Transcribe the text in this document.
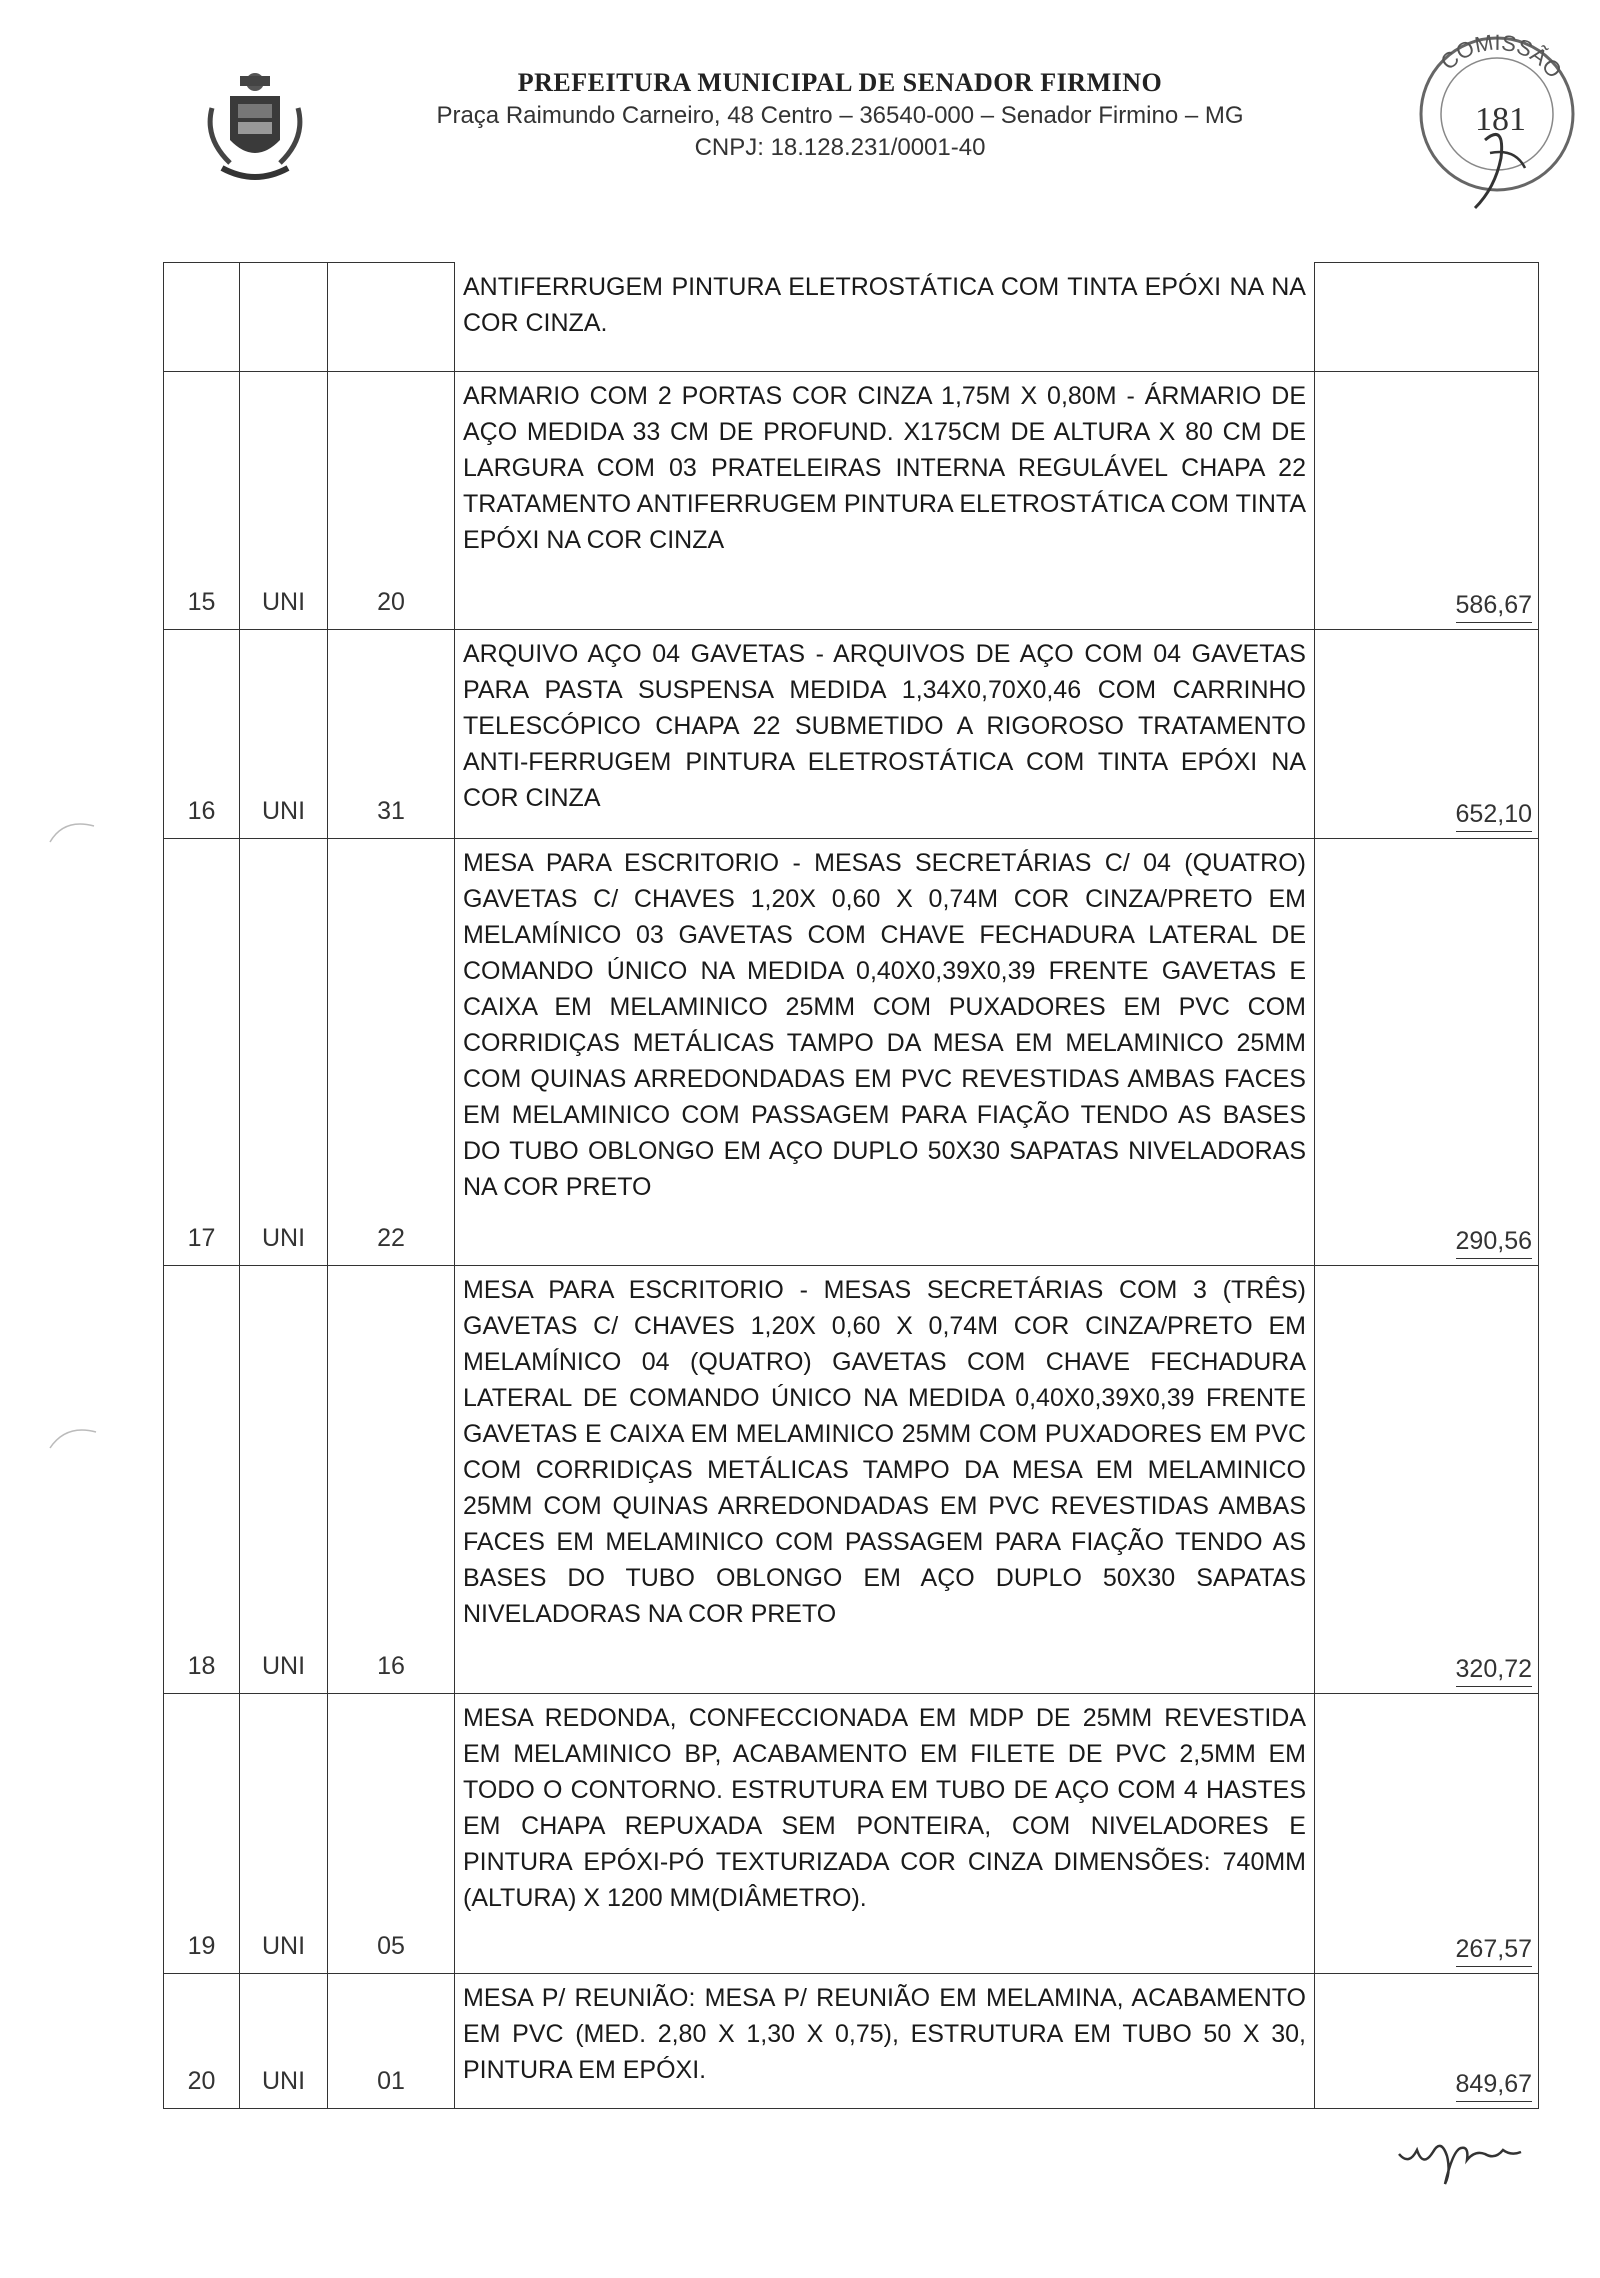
PREFEITURA MUNICIPAL DE SENADOR FIRMINO
Praça Raimundo Carneiro, 48 Centro – 36540-000 – Senador Firmino – MG
CNPJ: 18.128.231/0001-40
COMISSÃO
181

			ANTIFERRUGEM PINTURA ELETROSTÁTICA COM TINTA EPÓXI NA NA COR CINZA.	

15	UNI	20	ARMARIO COM 2 PORTAS COR CINZA 1,75M X 0,80M - ÁRMARIO DE AÇO MEDIDA 33 CM DE PROFUND. X175CM DE ALTURA X 80 CM DE LARGURA COM 03 PRATELEIRAS INTERNA REGULÁVEL CHAPA 22 TRATAMENTO ANTIFERRUGEM PINTURA ELETROSTÁTICA COM TINTA EPÓXI NA COR CINZA	586,67
16	UNI	31	ARQUIVO AÇO 04 GAVETAS - ARQUIVOS DE AÇO COM 04 GAVETAS PARA PASTA SUSPENSA MEDIDA 1,34X0,70X0,46 COM CARRINHO TELESCÓPICO CHAPA 22 SUBMETIDO A RIGOROSO TRATAMENTO ANTI-FERRUGEM PINTURA ELETROSTÁTICA COM TINTA EPÓXI NA COR CINZA	652,10
17	UNI	22	MESA PARA ESCRITORIO - MESAS SECRETÁRIAS C/ 04 (QUATRO) GAVETAS C/ CHAVES 1,20X 0,60 X 0,74M COR CINZA/PRETO EM MELAMÍNICO 03 GAVETAS COM CHAVE FECHADURA LATERAL DE COMANDO ÚNICO NA MEDIDA 0,40X0,39X0,39 FRENTE GAVETAS E CAIXA EM MELAMINICO 25MM COM PUXADORES EM PVC COM CORRIDIÇAS METÁLICAS TAMPO DA MESA EM MELAMINICO 25MM COM QUINAS ARREDONDADAS EM PVC REVESTIDAS AMBAS FACES EM MELAMINICO COM PASSAGEM PARA FIAÇÃO TENDO AS BASES DO TUBO OBLONGO EM AÇO DUPLO 50X30 SAPATAS NIVELADORAS NA COR PRETO	290,56
18	UNI	16	MESA PARA ESCRITORIO - MESAS SECRETÁRIAS COM 3 (TRÊS) GAVETAS C/ CHAVES 1,20X 0,60 X 0,74M COR CINZA/PRETO EM MELAMÍNICO 04 (QUATRO) GAVETAS COM CHAVE FECHADURA LATERAL DE COMANDO ÚNICO NA MEDIDA 0,40X0,39X0,39 FRENTE GAVETAS E CAIXA EM MELAMINICO 25MM COM PUXADORES EM PVC COM CORRIDIÇAS METÁLICAS TAMPO DA MESA EM MELAMINICO 25MM COM QUINAS ARREDONDADAS EM PVC REVESTIDAS AMBAS FACES EM MELAMINICO COM PASSAGEM PARA FIAÇÃO TENDO AS BASES DO TUBO OBLONGO EM AÇO DUPLO 50X30 SAPATAS NIVELADORAS NA COR PRETO	320,72
19	UNI	05	MESA REDONDA, CONFECCIONADA EM MDP DE 25MM REVESTIDA EM MELAMINICO BP, ACABAMENTO EM FILETE DE PVC 2,5MM EM TODO O CONTORNO. ESTRUTURA EM TUBO DE AÇO COM 4 HASTES EM CHAPA REPUXADA SEM PONTEIRA, COM NIVELADORES E PINTURA EPÓXI-PÓ TEXTURIZADA COR CINZA DIMENSÕES: 740MM (ALTURA) X 1200 MM(DIÂMETRO).	267,57
20	UNI	01	MESA P/ REUNIÃO: MESA P/ REUNIÃO EM MELAMINA, ACABAMENTO EM PVC (MED. 2,80 X 1,30 X 0,75), ESTRUTURA EM TUBO 50 X 30, PINTURA EM EPÓXI.	849,67
